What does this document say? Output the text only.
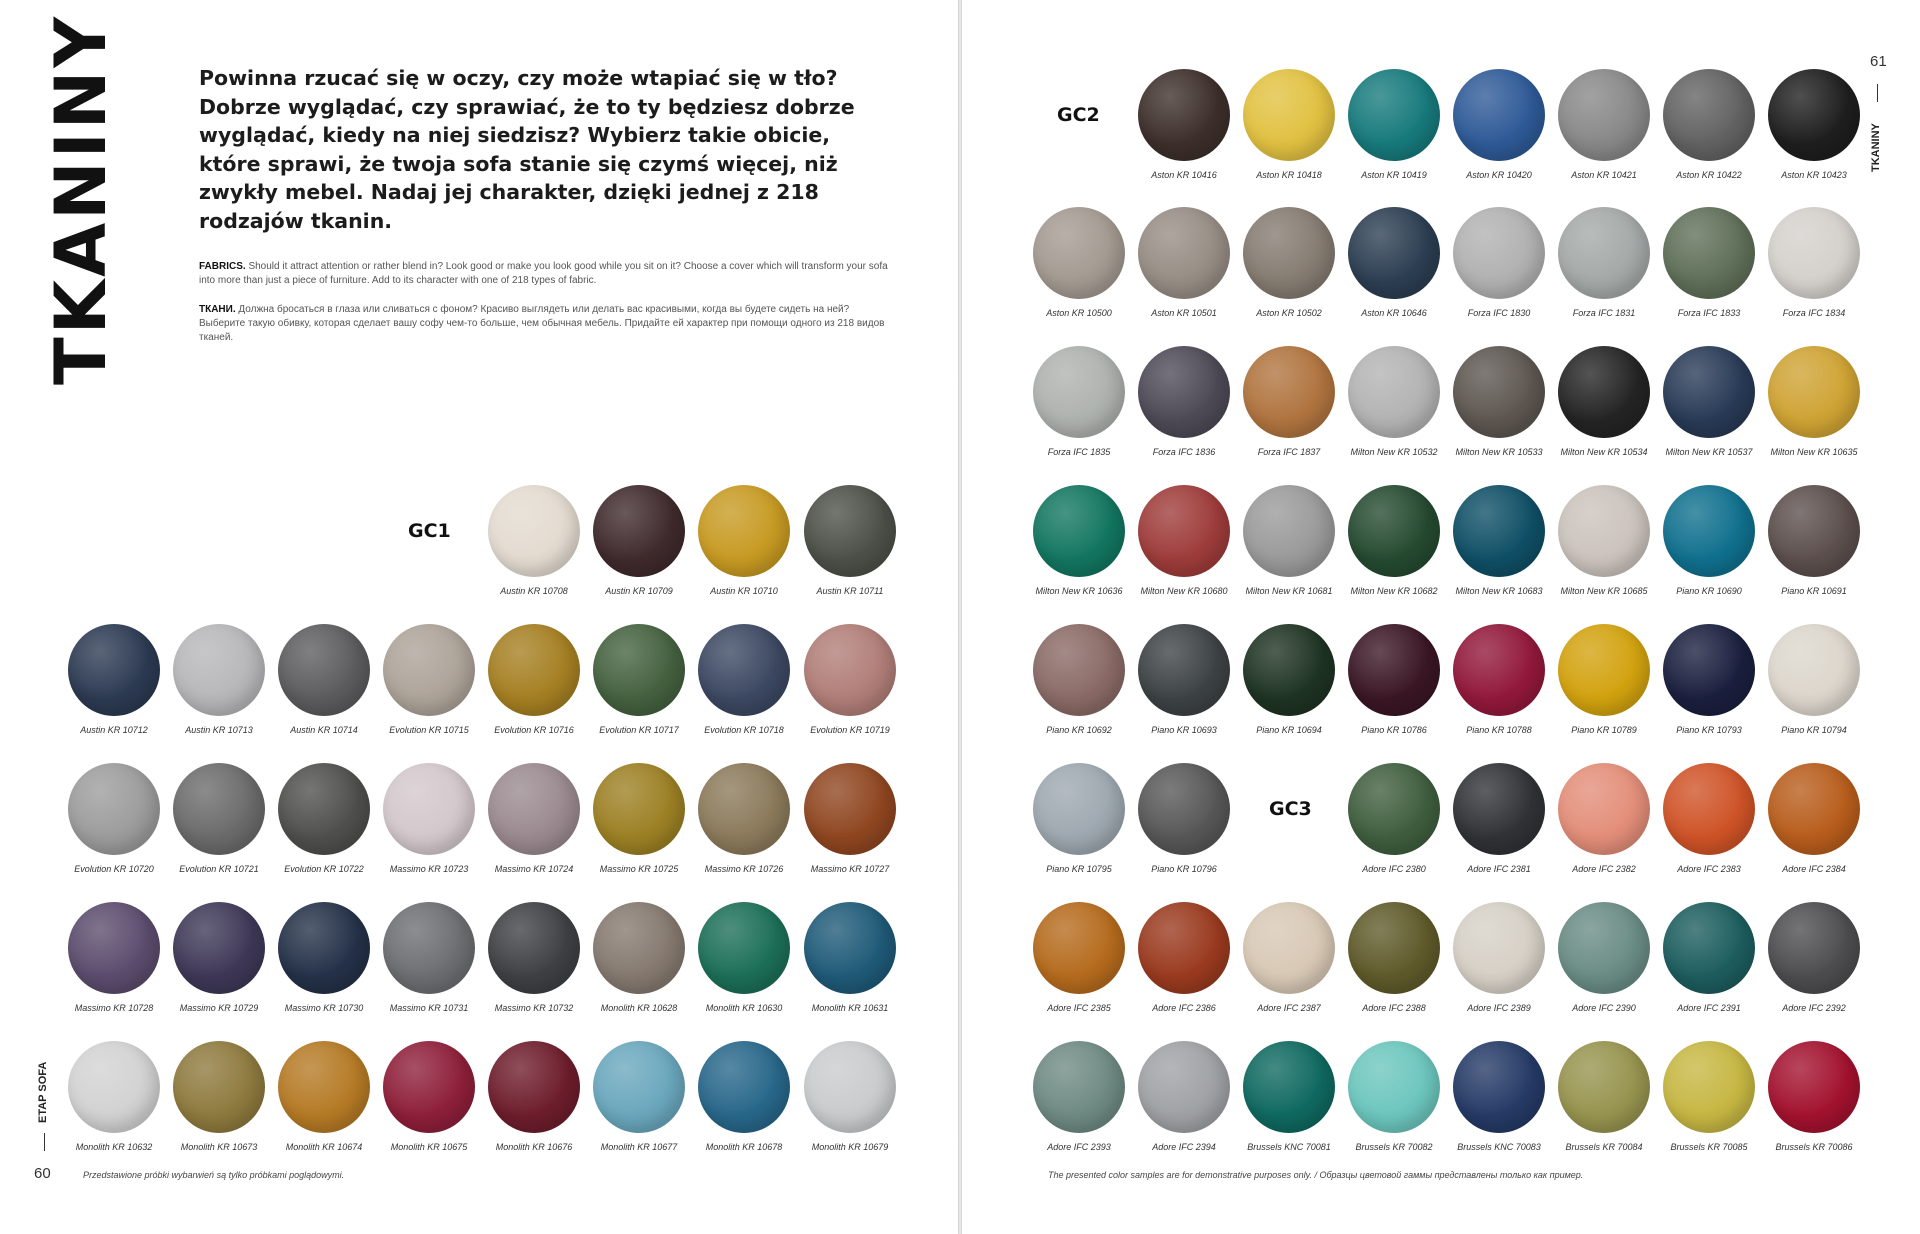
TKANINY	Powinna rzucać się w oczy, czy może wtapiać się w tło? Dobrze wyglądać, czy sprawiać, że to ty będziesz dobrze wyglądać, kiedy na niej siedzisz? Wybierz takie obicie, które sprawi, że twoja sofa stanie się czymś więcej, niż zwykły mebel. Nadaj jej charakter, dzięki jednej z 218 rodzajów tkanin.
FABRICS. Should it attract attention or rather blend in? Look good or make you look good while you sit on it? Choose a cover which will transform your sofa into more than just a piece of furniture. Add to its character with one of 218 types of fabric.
ТКАНИ. Должна бросаться в глаза или сливаться с фоном? Красиво выглядеть или делать вас красивыми, когда вы будете сидеть на ней? Выберите такую обивку, которая сделает вашу софу чем-то больше, чем обычная мебель. Придайте ей характер при помощи одного из 218 видов тканей.
GC1
ETAP SOFA
60	Przedstawione próbki wybarwień są tylko próbkami poglądowymi.
Austin KR 10708	Austin KR 10709	Austin KR 10710	Austin KR 10711
Austin KR 10712	Austin KR 10713	Austin KR 10714	Evolution KR 10715	Evolution KR 10716	Evolution KR 10717	Evolution KR 10718	Evolution KR 10719
Evolution KR 10720	Evolution KR 10721	Evolution KR 10722	Massimo KR 10723	Massimo KR 10724	Massimo KR 10725	Massimo KR 10726	Massimo KR 10727
Massimo KR 10728	Massimo KR 10729	Massimo KR 10730	Massimo KR 10731	Massimo KR 10732	Monolith KR 10628	Monolith KR 10630	Monolith KR 10631
Monolith KR 10632	Monolith KR 10673	Monolith KR 10674	Monolith KR 10675	Monolith KR 10676	Monolith KR 10677	Monolith KR 10678	Monolith KR 10679
GC2
GC3
61
TKANINY
The presented color samples are for demonstrative purposes only. / Образцы цветовой гаммы представлены только как пример.
Aston KR 10416	Aston KR 10418	Aston KR 10419	Aston KR 10420	Aston KR 10421	Aston KR 10422	Aston KR 10423
Aston KR 10500	Aston KR 10501	Aston KR 10502	Aston KR 10646	Forza IFC 1830	Forza IFC 1831	Forza IFC 1833	Forza IFC 1834
Forza IFC 1835	Forza IFC 1836	Forza IFC 1837	Milton New KR 10532	Milton New KR 10533	Milton New KR 10534	Milton New KR 10537	Milton New KR 10635
Milton New KR 10636	Milton New KR 10680	Milton New KR 10681	Milton New KR 10682	Milton New KR 10683	Milton New KR 10685	Piano KR 10690	Piano KR 10691
Piano KR 10692	Piano KR 10693	Piano KR 10694	Piano KR 10786	Piano KR 10788	Piano KR 10789	Piano KR 10793	Piano KR 10794
Piano KR 10795	Piano KR 10796	Adore IFC 2380	Adore IFC 2381	Adore IFC 2382	Adore IFC 2383	Adore IFC 2384
Adore IFC 2385	Adore IFC 2386	Adore IFC 2387	Adore IFC 2388	Adore IFC 2389	Adore IFC 2390	Adore IFC 2391	Adore IFC 2392
Adore IFC 2393	Adore IFC 2394	Brussels KNC 70081	Brussels KR 70082	Brussels KNC 70083	Brussels KR 70084	Brussels KR 70085	Brussels KR 70086
